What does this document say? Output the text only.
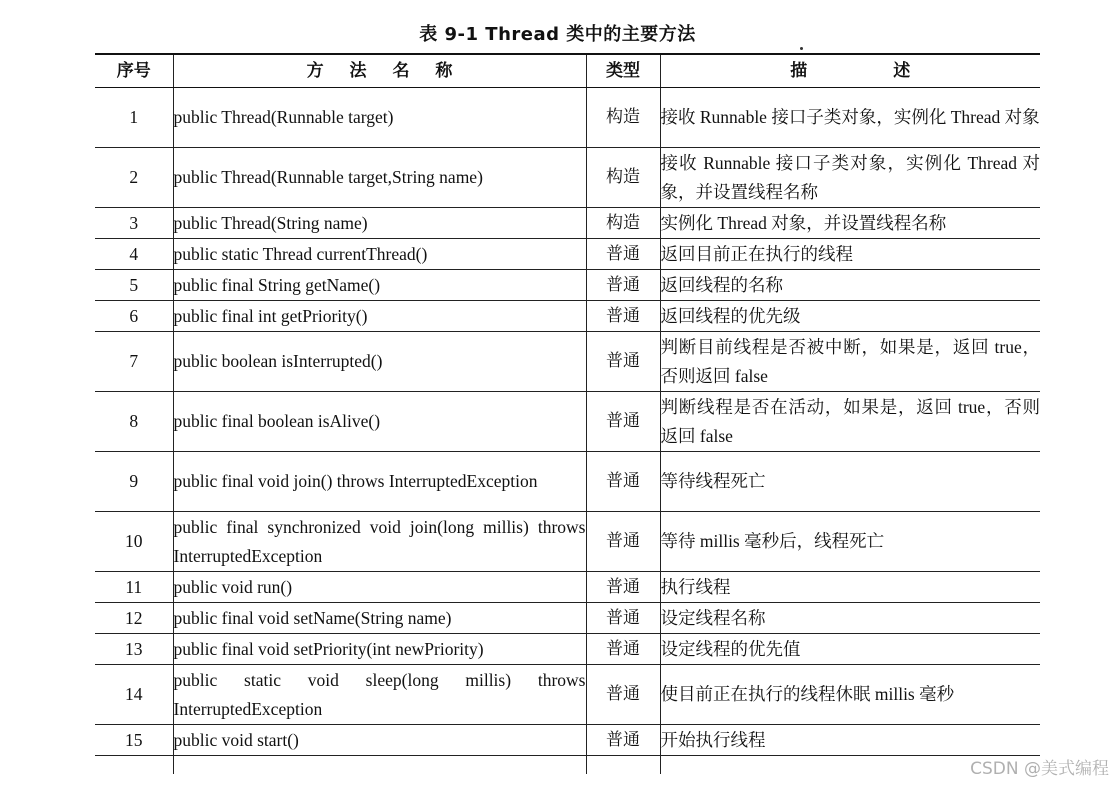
表 9-1 Thread 类中的主要方法
序号	方 法 名 称	类型	描 述
1	public Thread(Runnable target)	构造	接收 Runnable 接口子类对象，实例化 Thread 对象
2	public Thread(Runnable target,String name)	构造	接收 Runnable 接口子类对象，实例化 Thread 对象，并设置线程名称
3	public Thread(String name)	构造	实例化 Thread 对象，并设置线程名称
4	public static Thread currentThread()	普通	返回目前正在执行的线程
5	public final String getName()	普通	返回线程的名称
6	public final int getPriority()	普通	返回线程的优先级
7	public boolean isInterrupted()	普通	判断目前线程是否被中断，如果是，返回 true，否则返回 false
8	public final boolean isAlive()	普通	判断线程是否在活动，如果是，返回 true，否则返回 false
9	public final void join() throws InterruptedException	普通	等待线程死亡
10	public final synchronized void join(long millis) throws InterruptedException	普通	等待 millis 毫秒后，线程死亡
11	public void run()	普通	执行线程
12	public final void setName(String name)	普通	设定线程名称
13	public final void setPriority(int newPriority)	普通	设定线程的优先值
14	public static void sleep(long millis) throws InterruptedException	普通	使目前正在执行的线程休眠 millis 毫秒
15	public void start()	普通	开始执行线程

CSDN @美式编程
